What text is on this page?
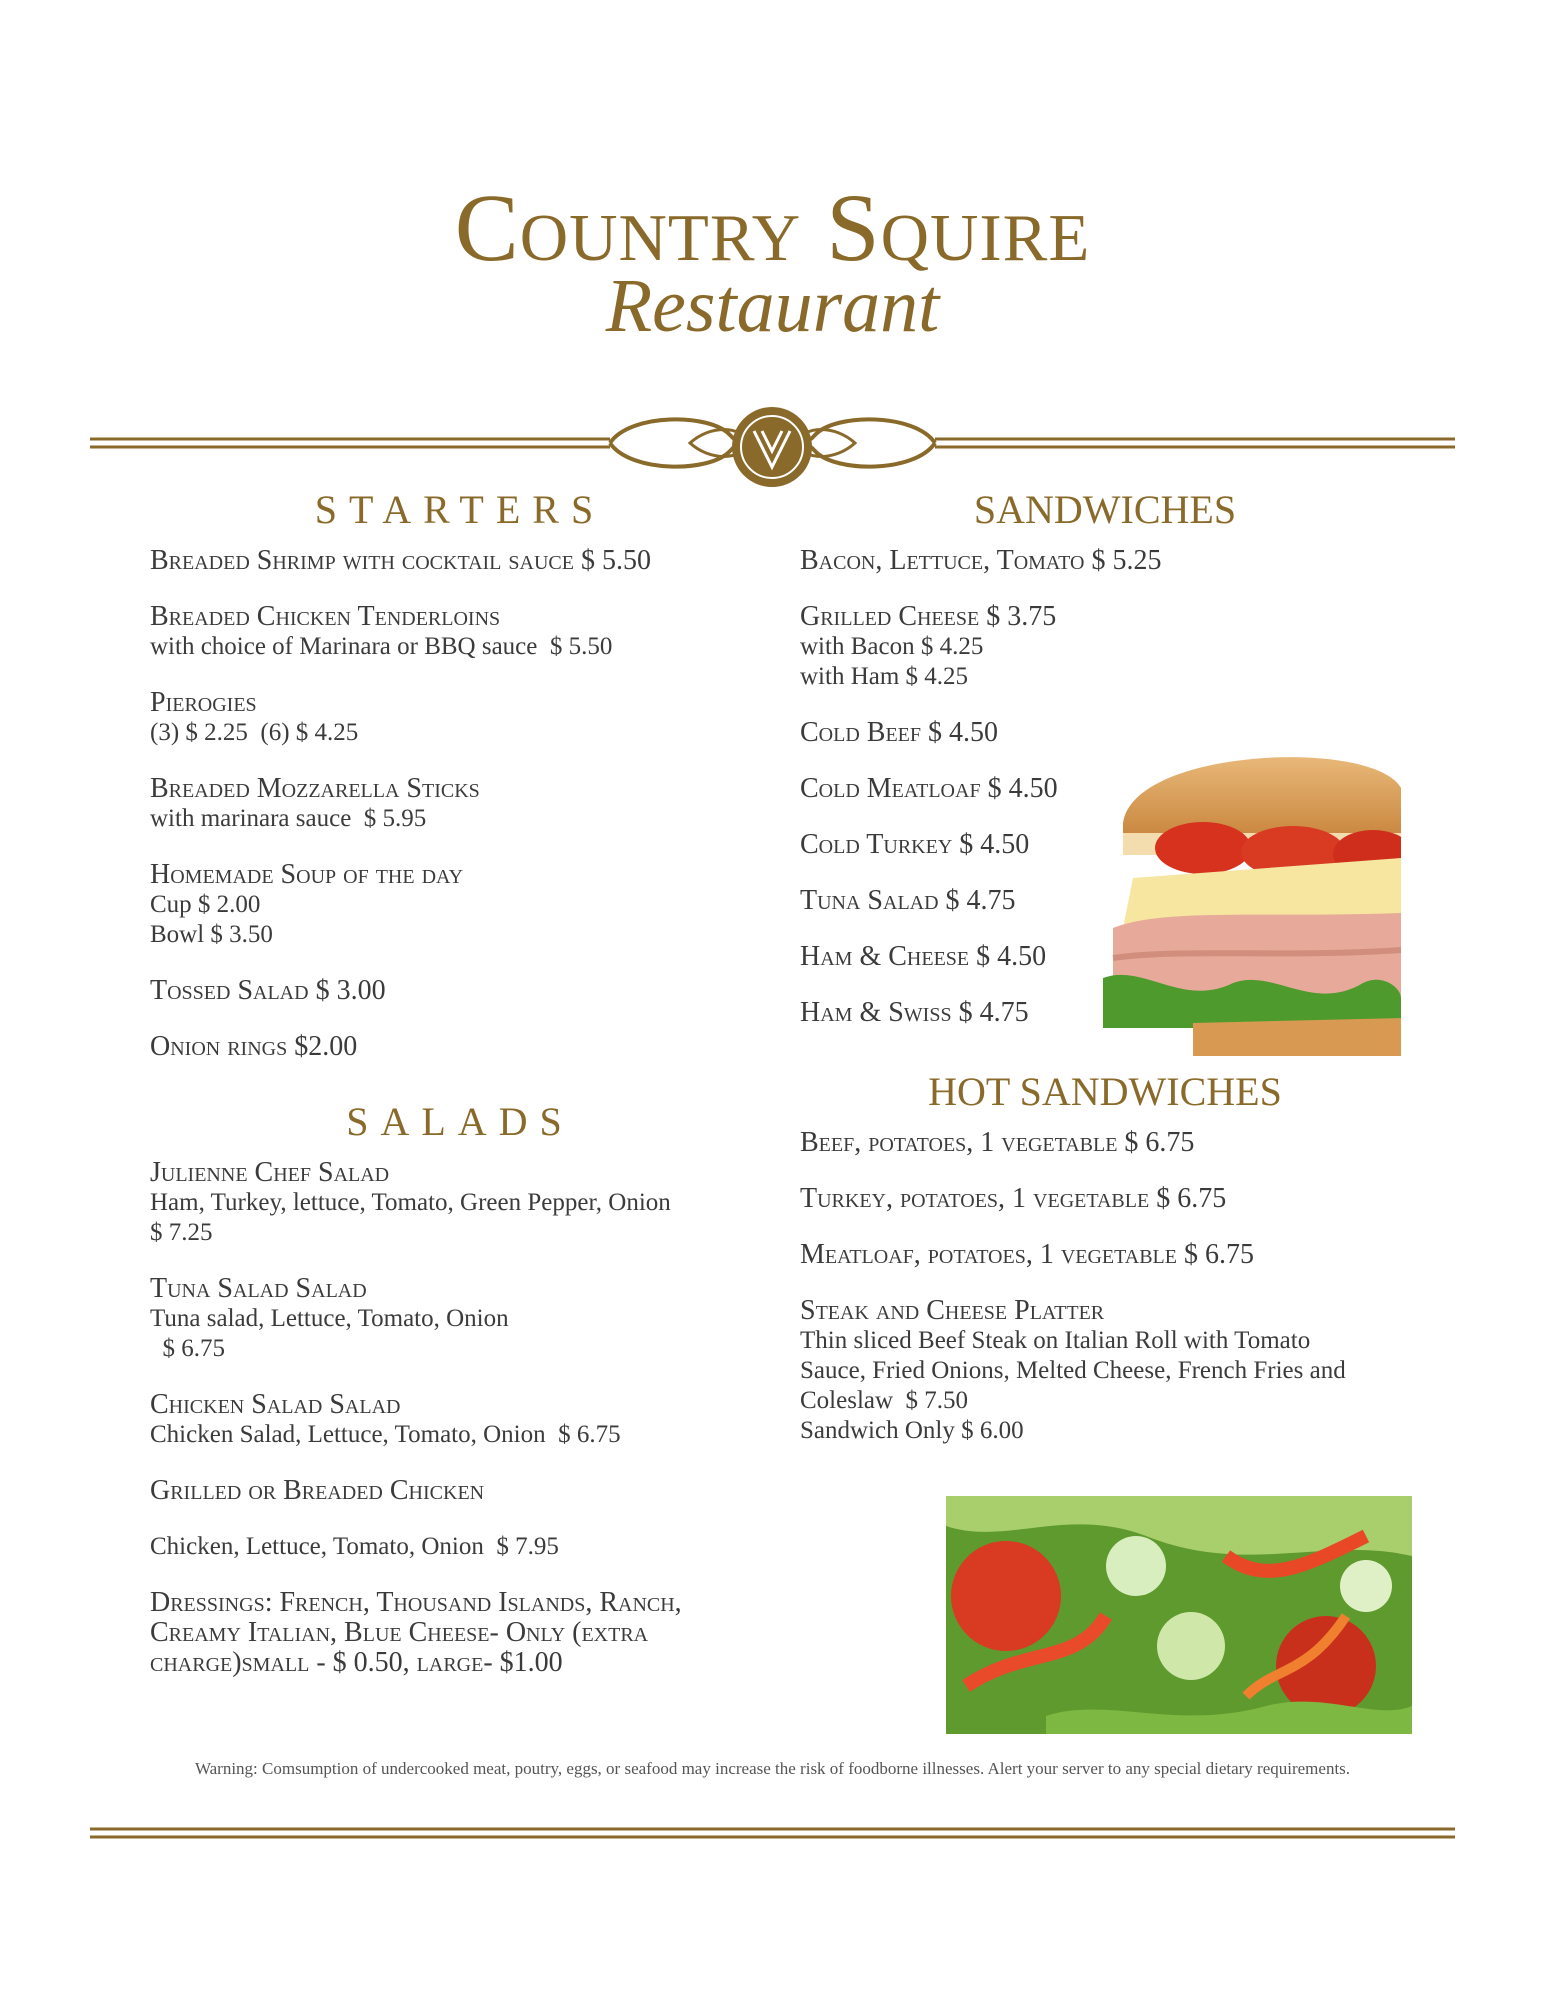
Country Squire
Restaurant
STARTERS
Breaded Shrimp with cocktail sauce $ 5.50
Breaded Chicken Tenderloins
with choice of Marinara or BBQ sauce  $ 5.50
Pierogies
(3) $ 2.25  (6) $ 4.25
Breaded Mozzarella Sticks
with marinara sauce  $ 5.95
Homemade Soup of the day
Cup $ 2.00
Bowl $ 3.50
Tossed Salad $ 3.00
Onion rings $2.00
SALADS
Julienne Chef Salad
Ham, Turkey, lettuce, Tomato, Green Pepper, Onion
$ 7.25
Tuna Salad Salad
Tuna salad, Lettuce, Tomato, Onion
$ 6.75
Chicken Salad Salad
Chicken Salad, Lettuce, Tomato, Onion  $ 6.75
Grilled or Breaded Chicken
Chicken, Lettuce, Tomato, Onion  $ 7.95
Dressings: French, Thousand Islands, Ranch, Creamy Italian, Blue Cheese- Only (extra charge)small - $ 0.50, large- $1.00
SANDWICHES
Bacon, Lettuce, Tomato $ 5.25
Grilled Cheese $ 3.75
with Bacon $ 4.25
with Ham $ 4.25
Cold Beef $ 4.50
Cold Meatloaf $ 4.50
Cold Turkey $ 4.50
Tuna Salad $ 4.75
Ham & Cheese $ 4.50
Ham & Swiss $ 4.75
HOT SANDWICHES
Beef, potatoes, 1 vegetable $ 6.75
Turkey, potatoes, 1 vegetable $ 6.75
Meatloaf, potatoes, 1 vegetable $ 6.75
Steak and Cheese Platter
Thin sliced Beef Steak on Italian Roll with Tomato
Sauce, Fried Onions, Melted Cheese, French Fries and
Coleslaw  $ 7.50
Sandwich Only $ 6.00
Warning: Comsumption of undercooked meat, poutry, eggs, or seafood may increase the risk of foodborne illnesses. Alert your server to any special dietary requirements.
